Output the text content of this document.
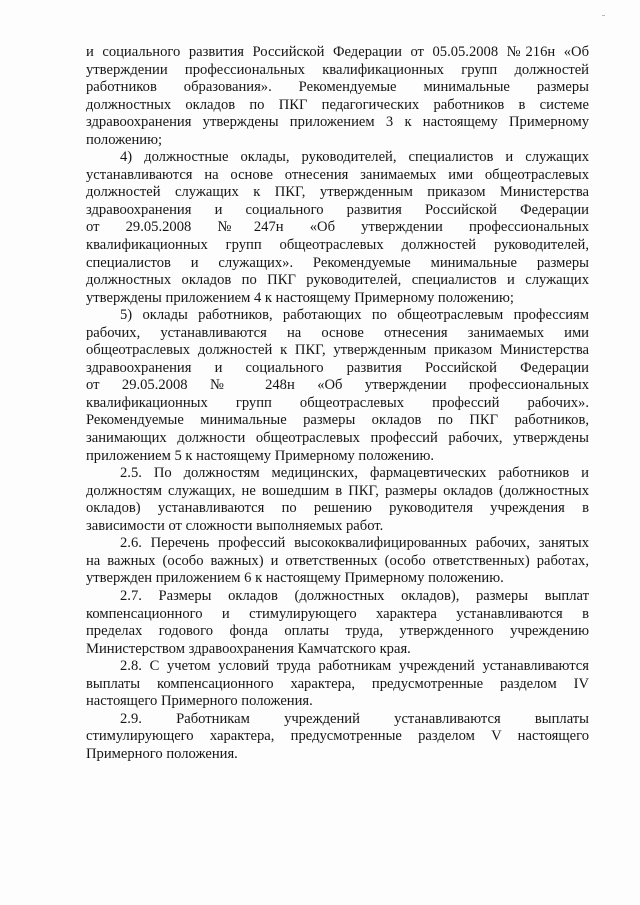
и социального развития Российской Федерации от 05.05.2008 №216н «Об
утверждении профессиональных квалификационных групп должностей
работников образования». Рекомендуемые минимальные размеры
должностных окладов по ПКГ педагогических работников в системе
здравоохранения утверждены приложением 3 к настоящему Примерному
положению;
4) должностные оклады, руководителей, специалистов и служащих
устанавливаются на основе отнесения занимаемых ими общеотраслевых
должностей служащих к ПКГ, утвержденным приказом Министерства
здравоохранения и социального развития Российской Федерации
от 29.05.2008 №247н «Об утверждении профессиональных
квалификационных групп общеотраслевых должностей руководителей,
специалистов и служащих». Рекомендуемые минимальные размеры
должностных окладов по ПКГ руководителей, специалистов и служащих
утверждены приложением 4 к настоящему Примерному положению;
5) оклады работников, работающих по общеотраслевым профессиям
рабочих, устанавливаются на основе отнесения занимаемых ими
общеотраслевых должностей к ПКГ, утвержденным приказом Министерства
здравоохранения и социального развития Российской Федерации
от 29.05.2008 № 248н «Об утверждении профессиональных
квалификационных групп общеотраслевых профессий рабочих».
Рекомендуемые минимальные размеры окладов по ПКГ работников,
занимающих должности общеотраслевых профессий рабочих, утверждены
приложением 5 к настоящему Примерному положению.
2.5. По должностям медицинских, фармацевтических работников и
должностям служащих, не вошедшим в ПКГ, размеры окладов (должностных
окладов) устанавливаются по решению руководителя учреждения в
зависимости от сложности выполняемых работ.
2.6. Перечень профессий высококвалифицированных рабочих, занятых
на важных (особо важных) и ответственных (особо ответственных) работах,
утвержден приложением 6 к настоящему Примерному положению.
2.7. Размеры окладов (должностных окладов), размеры выплат
компенсационного и стимулирующего характера устанавливаются в
пределах годового фонда оплаты труда, утвержденного учреждению
Министерством здравоохранения Камчатского края.
2.8. С учетом условий труда работникам учреждений устанавливаются
выплаты компенсационного характера, предусмотренные разделом IV
настоящего Примерного положения.
2.9. Работникам учреждений устанавливаются выплаты
стимулирующего характера, предусмотренные разделом V настоящего
Примерного положения.
